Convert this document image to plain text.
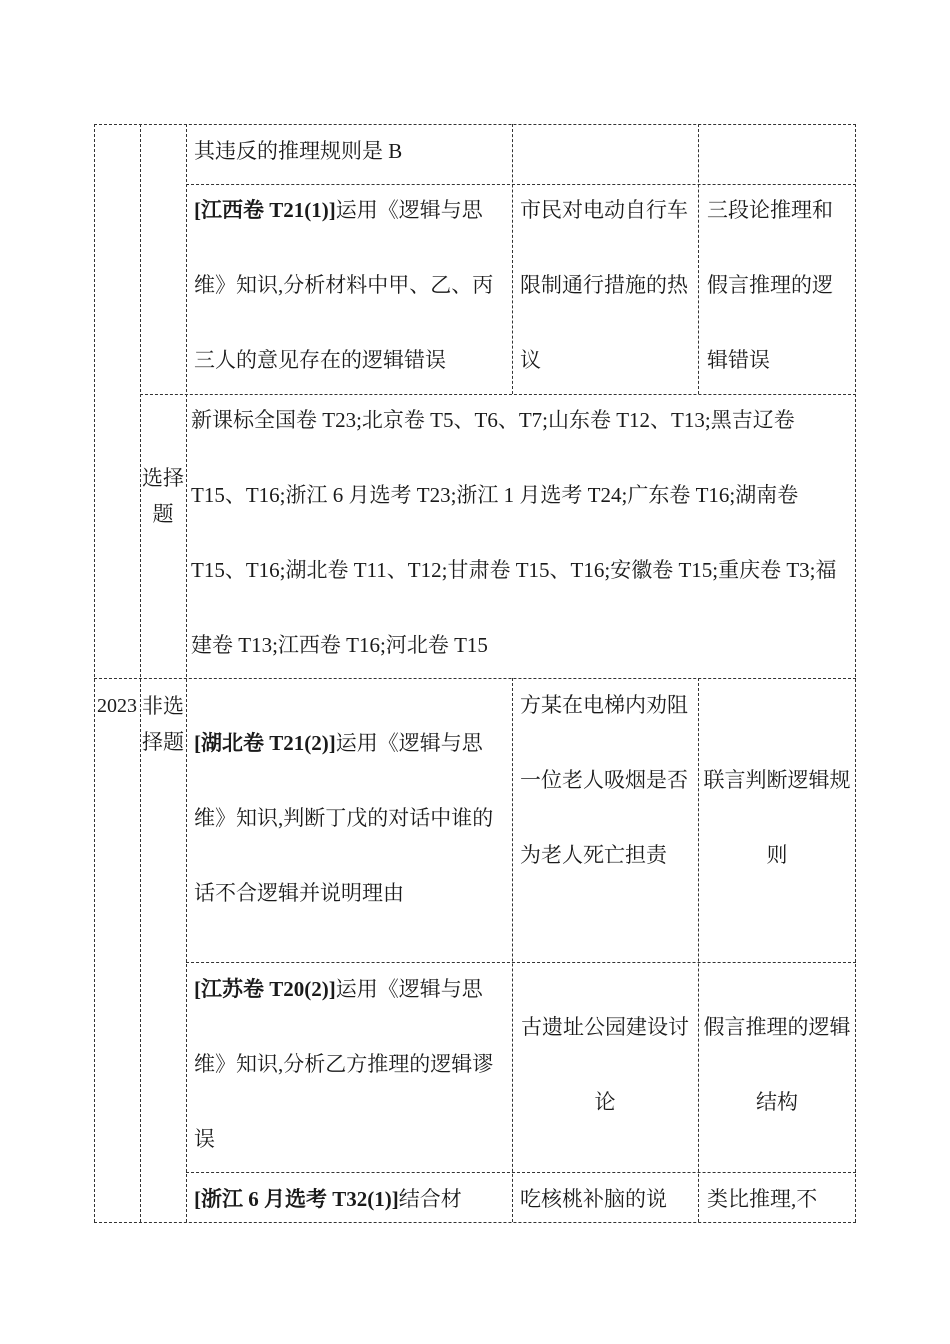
其违反的推理规则是 B
[江西卷 T21(1)]运用《逻辑与思维》知识,分析材料中甲、乙、丙三人的意见存在的逻辑错误
市民对电动自行车限制通行措施的热议
三段论推理和假言推理的逻辑错误
选择题
新课标全国卷 T23;北京卷 T5、T6、T7;山东卷 T12、T13;黑吉辽卷 T15、T16;浙江 6 月选考 T23;浙江 1 月选考 T24;广东卷 T16;湖南卷 T15、T16;湖北卷 T11、T12;甘肃卷 T15、T16;安徽卷 T15;重庆卷 T3;福建卷 T13;江西卷 T16;河北卷 T15
2023 非选择题 [湖北卷 T21(2)]运用《逻辑与思维》知识,判断丁戊的对话中谁的话不合逻辑并说明理由
方某在电梯内劝阻一位老人吸烟是否为老人死亡担责
联言判断逻辑规则
[江苏卷 T20(2)]运用《逻辑与思维》知识,分析乙方推理的逻辑谬误
古遗址公园建设讨论
假言推理的逻辑结构
[浙江 6 月选考 T32(1)]结合材	吃核桃补脑的说	类比推理,不
